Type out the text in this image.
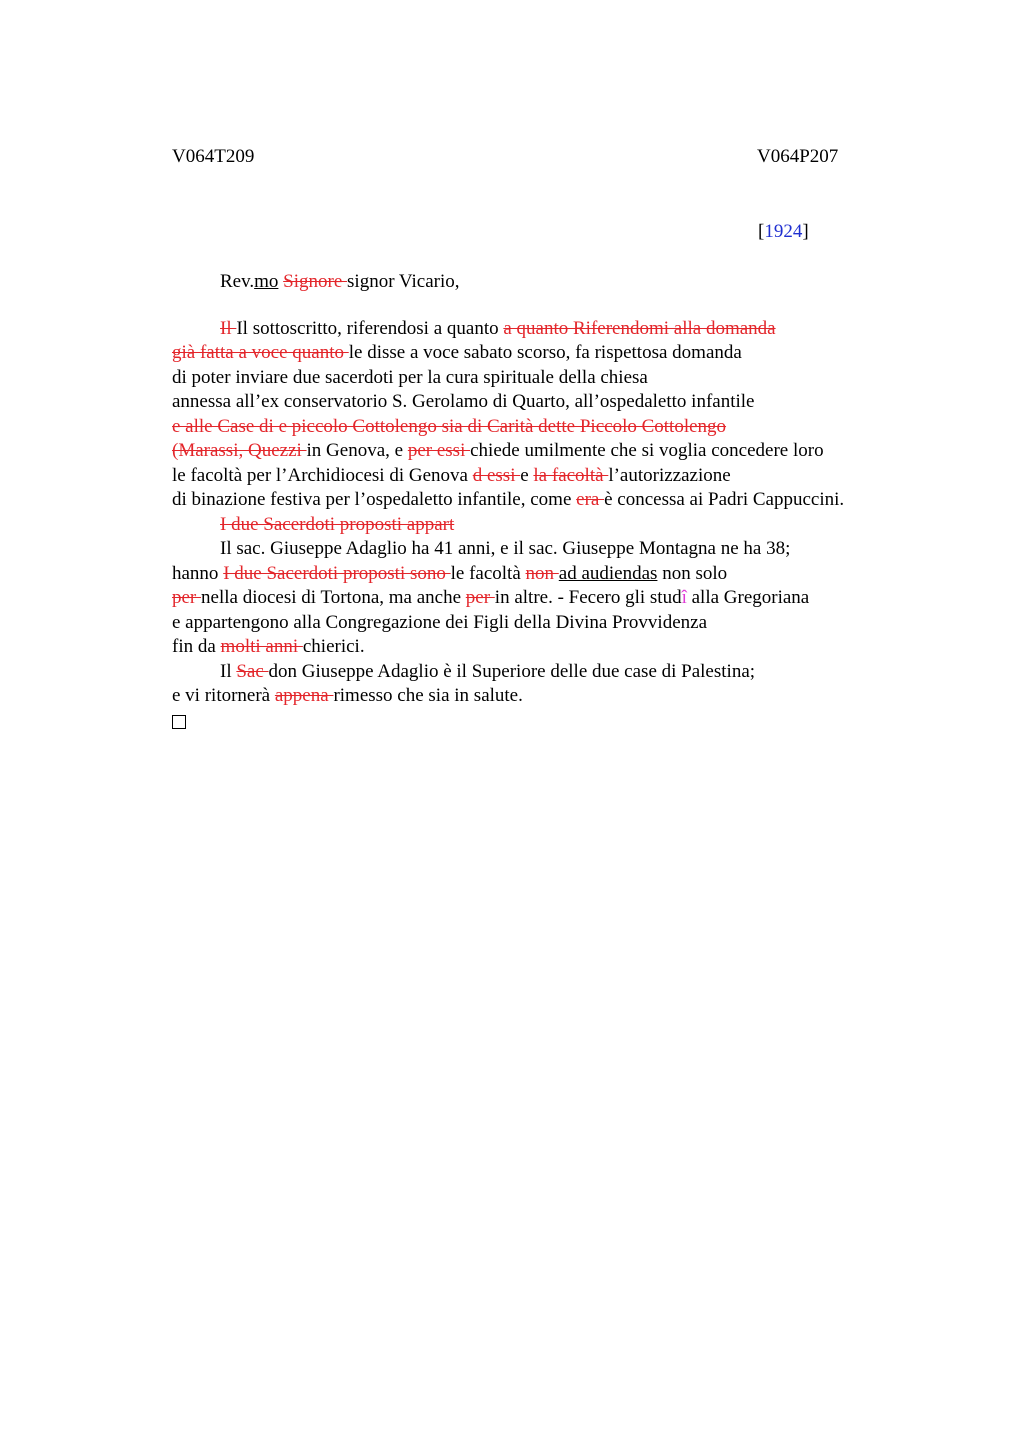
V064T209	V064P207
[1924]
Rev.mo Signore signor Vicario,
Il Il sottoscritto, riferendosi a quanto a quanto Riferendomi alla domanda
già fatta a voce quanto le disse a voce sabato scorso, fa rispettosa domanda
di poter inviare due sacerdoti per la cura spirituale della chiesa
annessa all’ex conservatorio S. Gerolamo di Quarto, all’ospedaletto infantile
e alle Case di e piccolo Cottolengo sia di Carità dette Piccolo Cottolengo
(Marassi, Quezzi in Genova, e per essi chiede umilmente che si voglia concedere loro
le facoltà per l’Archidiocesi di Genova d essi e la facoltà l’autorizzazione
di binazione festiva per l’ospedaletto infantile, come era è concessa ai Padri Cappuccini.
I due Sacerdoti proposti appart
Il sac. Giuseppe Adaglio ha 41 anni, e il sac. Giuseppe Montagna ne ha 38;
hanno I due Sacerdoti proposti sono le facoltà non ad audiendas non solo
per nella diocesi di Tortona, ma anche per in altre. - Fecero gli studî alla Gregoriana
e appartengono alla Congregazione dei Figli della Divina Provvidenza
fin da molti anni chierici.
Il Sac don Giuseppe Adaglio è il Superiore delle due case di Palestina;
e vi ritornerà appena rimesso che sia in salute.
